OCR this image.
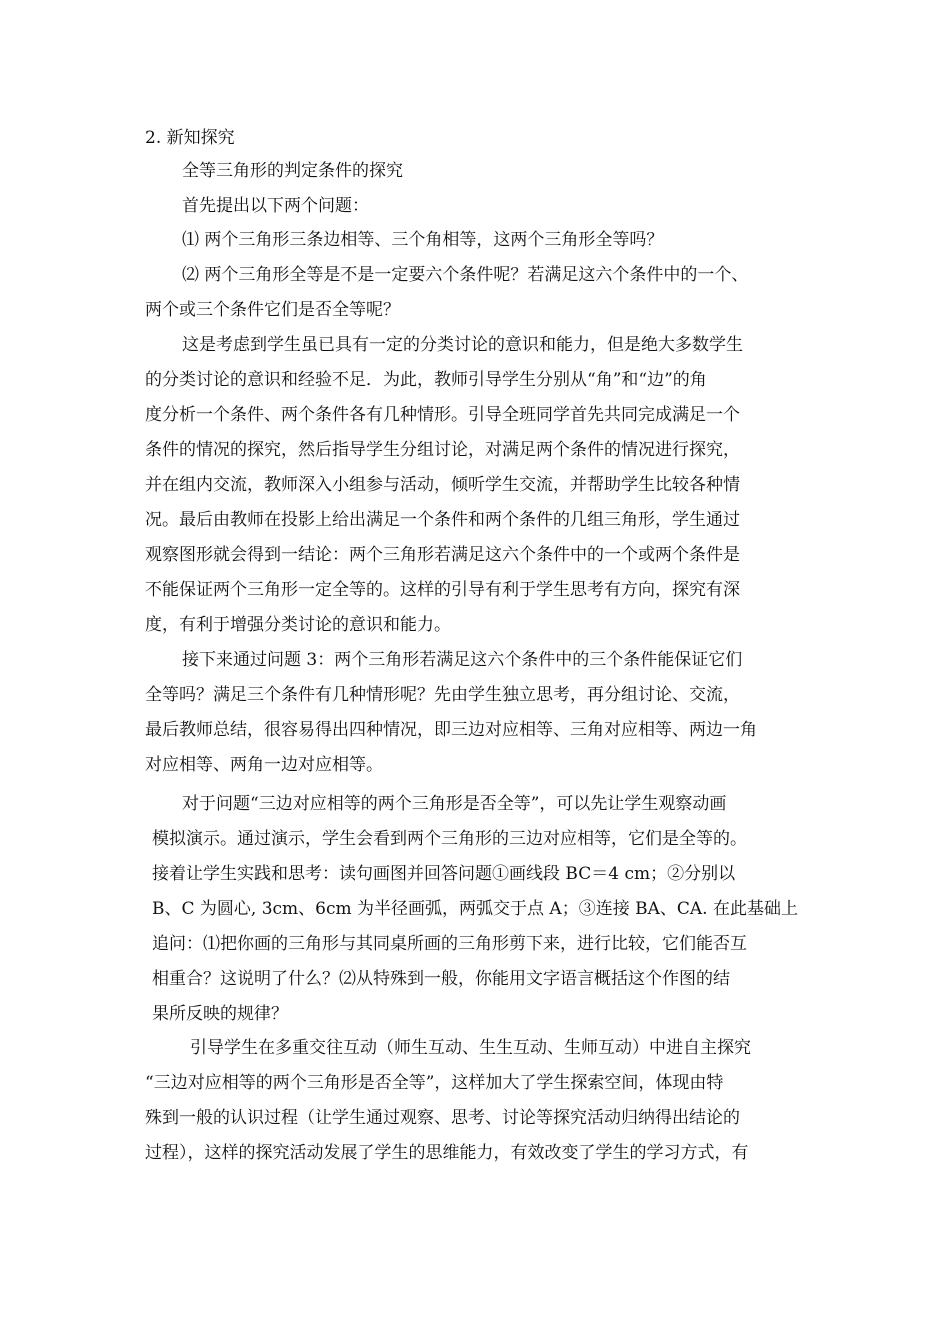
2. 新知探究
全等三角形的判定条件的探究
首先提出以下两个问题：
⑴ 两个三角形三条边相等、三个角相等，这两个三角形全等吗？
⑵ 两个三角形全等是不是一定要六个条件呢？若满足这六个条件中的一个、
两个或三个条件它们是否全等呢？
这是考虑到学生虽已具有一定的分类讨论的意识和能力，但是绝大多数学生
的分类讨论的意识和经验不足．为此，教师引导学生分别从“角”和“边”的角
度分析一个条件、两个条件各有几种情形。引导全班同学首先共同完成满足一个
条件的情况的探究，然后指导学生分组讨论，对满足两个条件的情况进行探究，
并在组内交流，教师深入小组参与活动，倾听学生交流，并帮助学生比较各种情
况。最后由教师在投影上给出满足一个条件和两个条件的几组三角形，学生通过
观察图形就会得到一结论：两个三角形若满足这六个条件中的一个或两个条件是
不能保证两个三角形一定全等的。这样的引导有利于学生思考有方向，探究有深
度，有利于增强分类讨论的意识和能力。
接下来通过问题 3：两个三角形若满足这六个条件中的三个条件能保证它们
全等吗？满足三个条件有几种情形呢？先由学生独立思考，再分组讨论、交流，
最后教师总结，很容易得出四种情况，即三边对应相等、三角对应相等、两边一角
对应相等、两角一边对应相等。
对于问题“三边对应相等的两个三角形是否全等”，可以先让学生观察动画
模拟演示。通过演示，学生会看到两个三角形的三边对应相等，它们是全等的。
接着让学生实践和思考：读句画图并回答问题①画线段 BC＝4 cm；②分别以
B、C 为圆心, 3cm、6cm 为半径画弧，两弧交于点 A；③连接 BA、CA. 在此基础上
追问：⑴把你画的三角形与其同桌所画的三角形剪下来，进行比较，它们能否互
相重合？这说明了什么？⑵从特殊到一般，你能用文字语言概括这个作图的结
果所反映的规律？
引导学生在多重交往互动（师生互动、生生互动、生师互动）中进自主探究
“三边对应相等的两个三角形是否全等”，这样加大了学生探索空间，体现由特
殊到一般的认识过程（让学生通过观察、思考、讨论等探究活动归纳得出结论的
过程），这样的探究活动发展了学生的思维能力，有效改变了学生的学习方式，有
